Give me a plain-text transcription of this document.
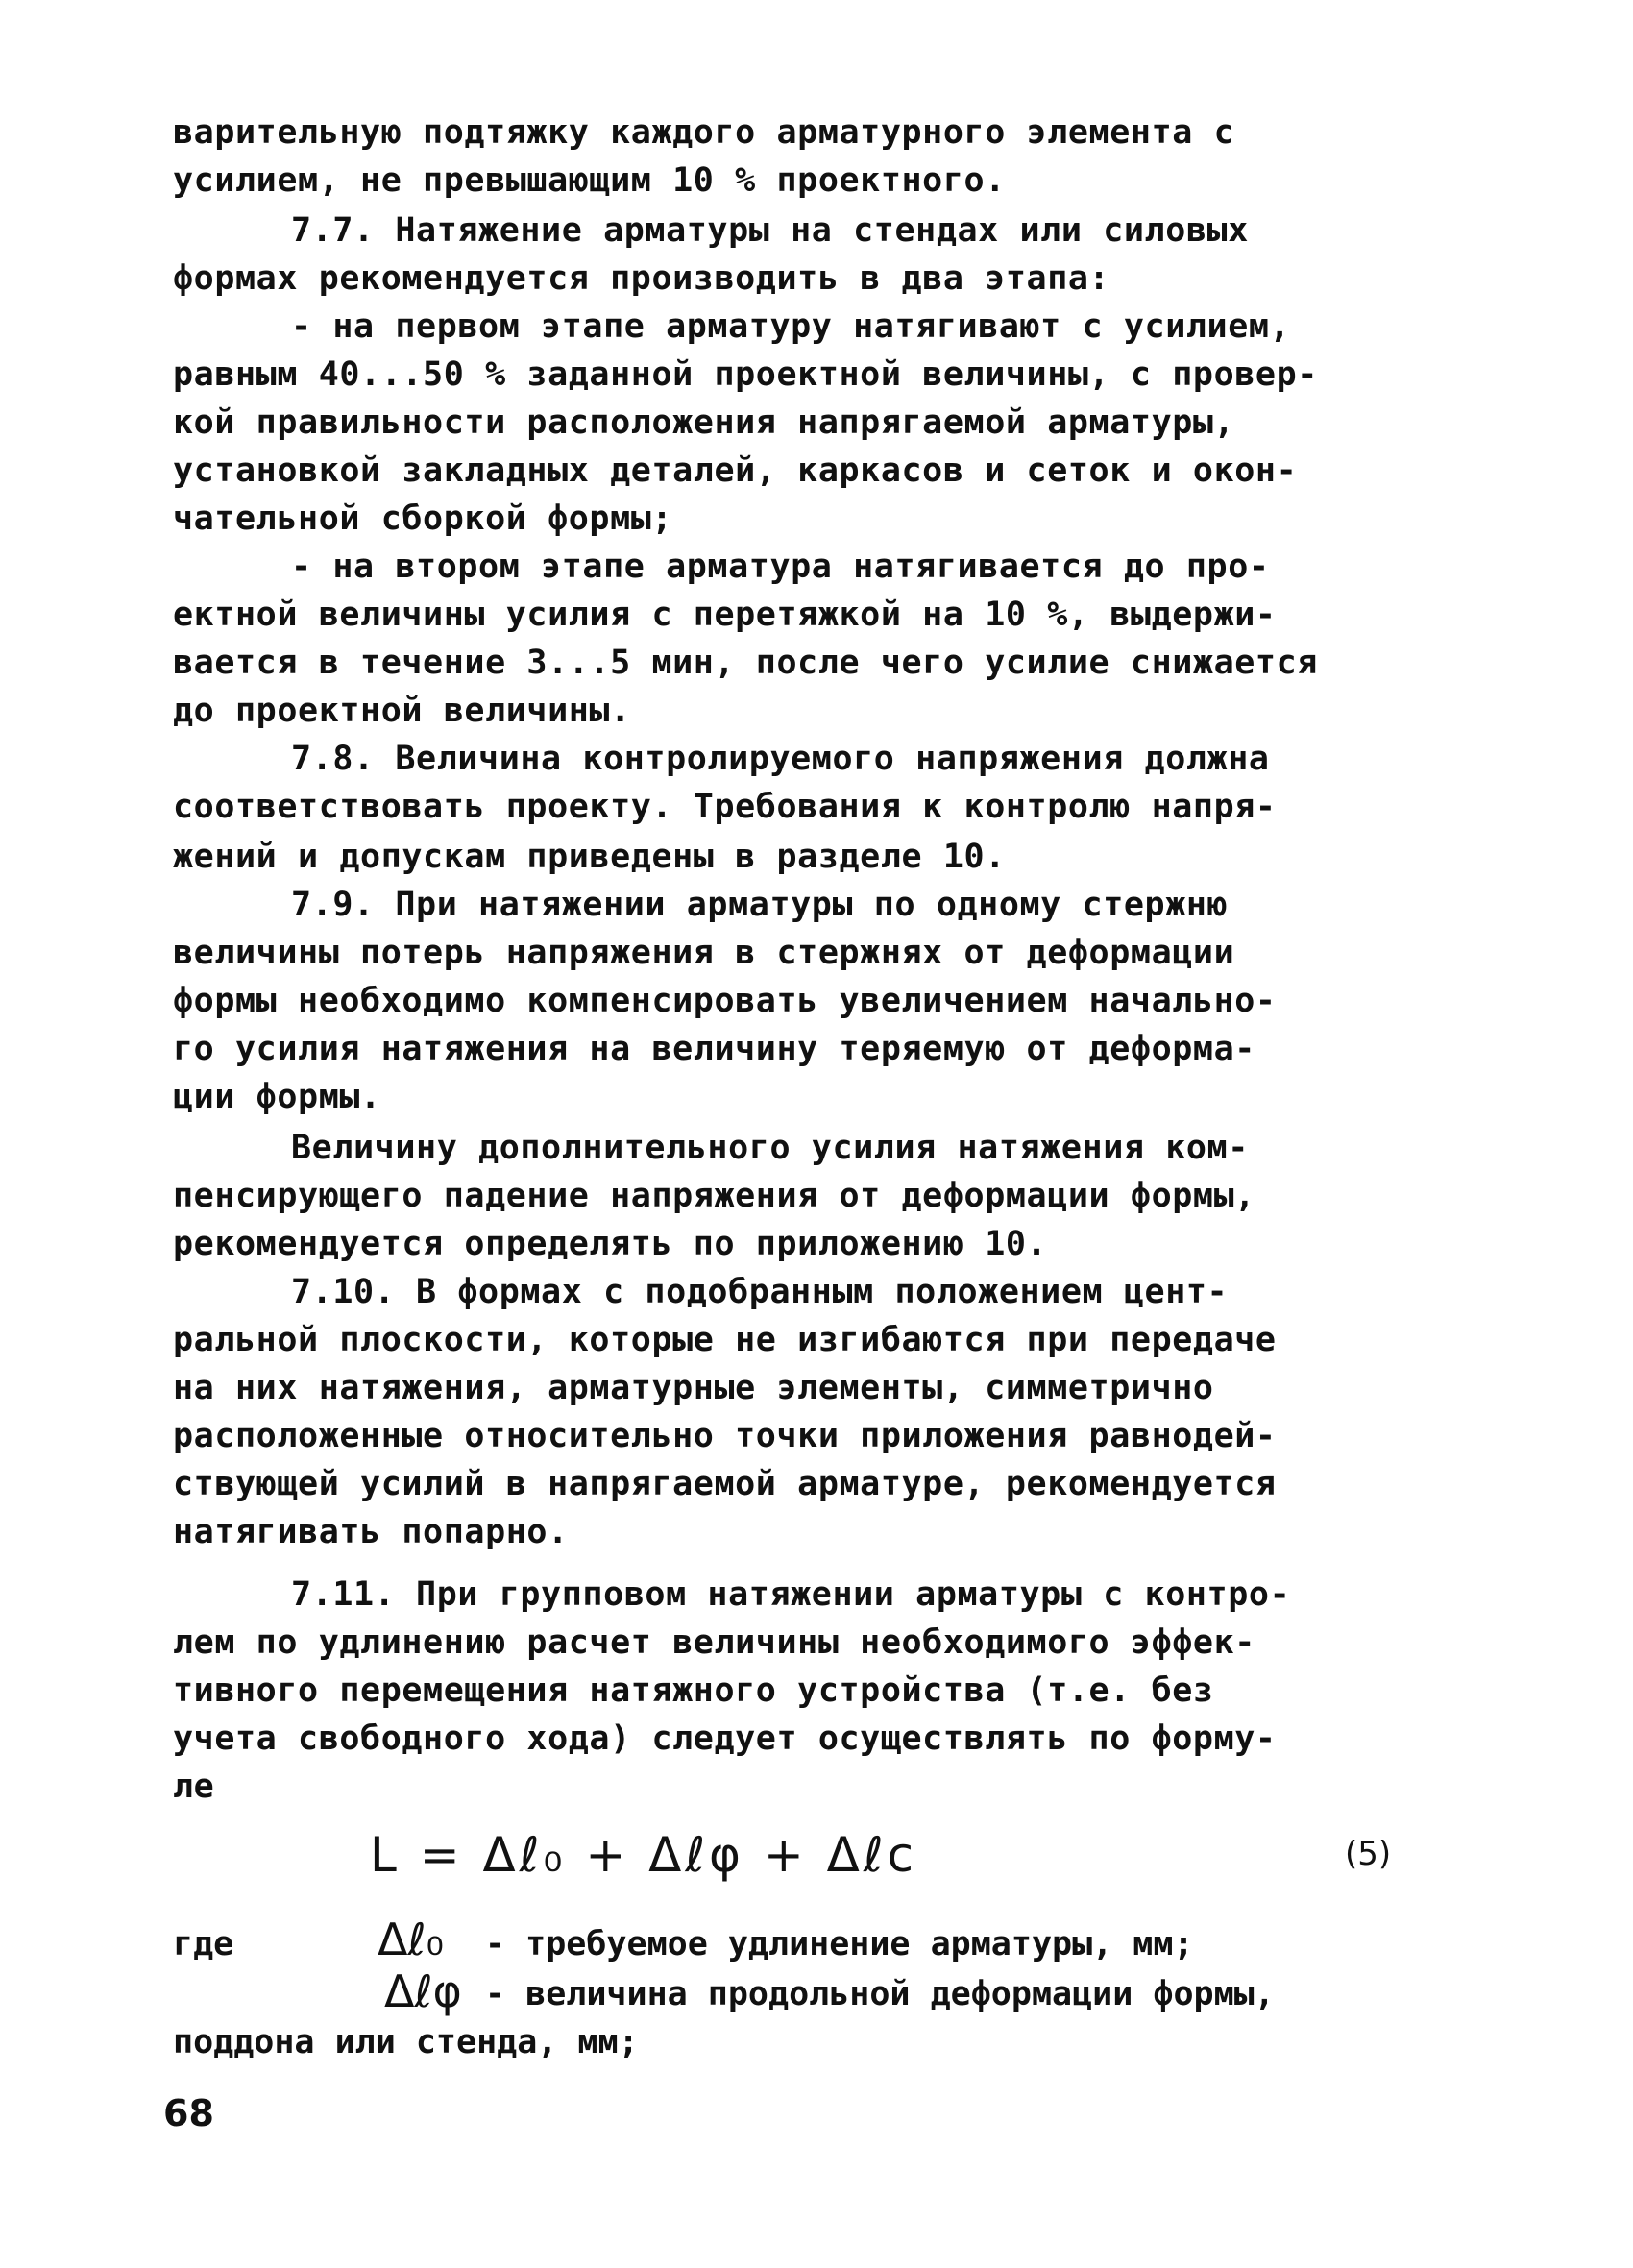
варительную подтяжку каждого арматурного элемента с
усилием, не превышающим 10 % проектного.
7.7. Натяжение арматуры на стендах или силовых
формах рекомендуется производить в два этапа:
- на первом этапе арматуру натягивают с усилием,
равным 40...50 % заданной проектной величины, с провер-
кой правильности расположения напрягаемой арматуры,
установкой закладных деталей, каркасов и сеток и окон-
чательной сборкой формы;
- на втором этапе арматура натягивается до про-
ектной величины усилия с перетяжкой на 10 %, выдержи-
вается в течение 3...5 мин, после чего усилие снижается
до проектной величины.
7.8. Величина контролируемого напряжения должна
соответствовать проекту. Требования к контролю напря-
жений и допускам приведены в разделе 10.
7.9. При натяжении арматуры по одному стержню
величины потерь напряжения в стержнях от деформации
формы необходимо компенсировать увеличением начально-
го усилия натяжения на величину теряемую от деформа-
ции формы.
Величину дополнительного усилия натяжения ком-
пенсирующего падение напряжения от деформации формы,
рекомендуется определять по приложению 10.
7.10. В формах с подобранным положением цент-
ральной плоскости, которые не изгибаются при передаче
на них натяжения, арматурные элементы, симметрично
расположенные относительно точки приложения равнодей-
ствующей усилий в напрягаемой арматуре, рекомендуется
натягивать попарно.
7.11. При групповом натяжении арматуры с контро-
лем по удлинению расчет величины необходимого эффек-
тивного перемещения натяжного устройства (т.е. без
учета свободного хода) следует осуществлять по форму-
ле
L = Δℓ₀ + Δℓφ + Δℓс	(5)
где	Δℓ₀ - требуемое удлинение арматуры, мм;
Δℓφ - величина продольной деформации формы,
поддона или стенда, мм;
68
